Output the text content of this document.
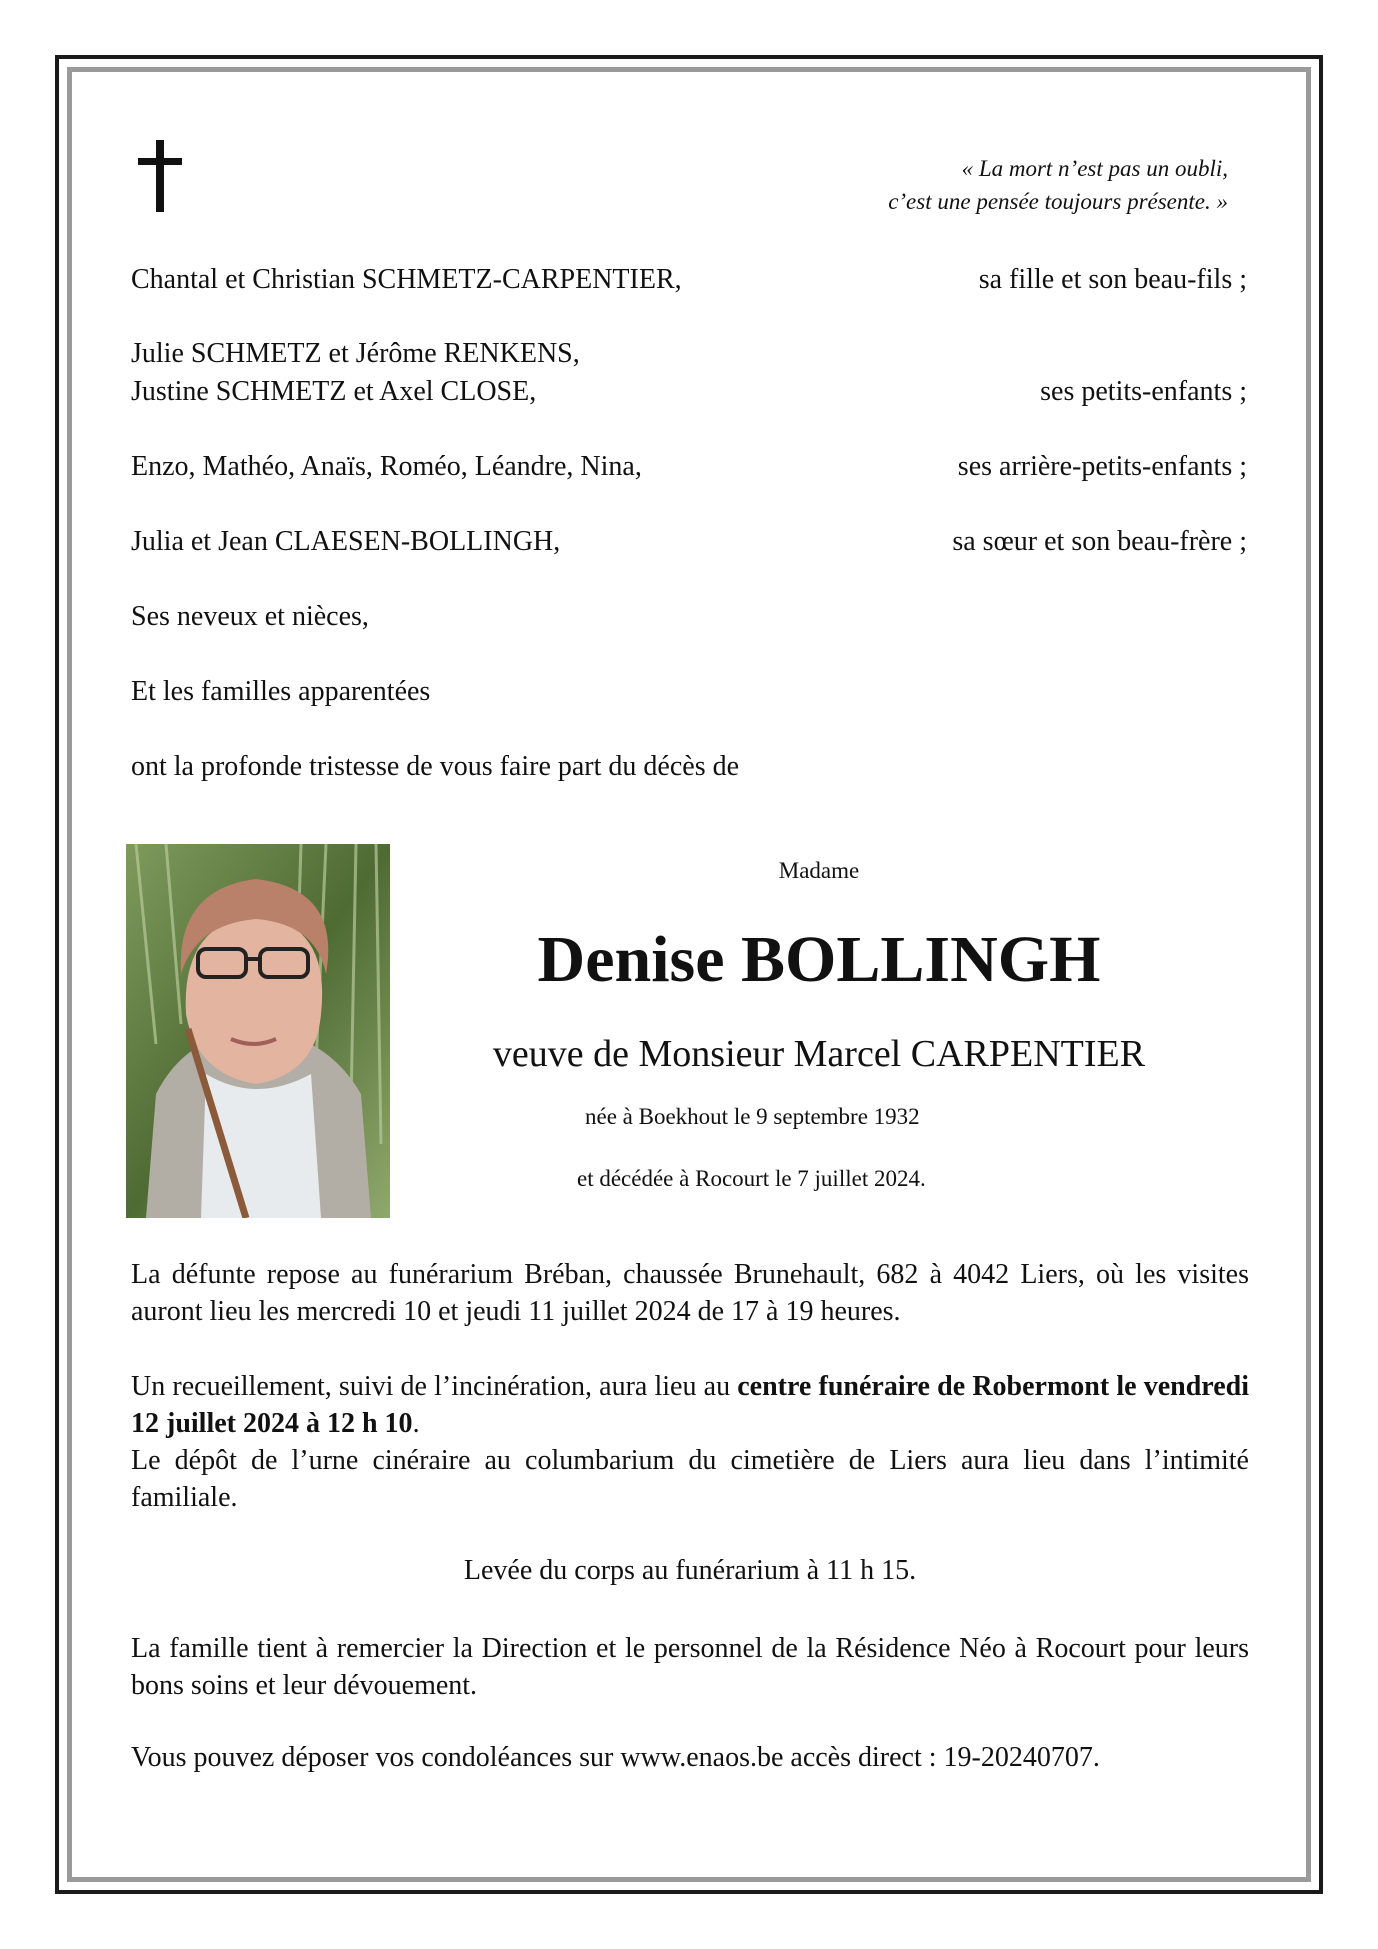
« La mort n’est pas un oubli,
c’est une pensée toujours présente. »
Chantal et Christian SCHMETZ-CARPENTIER,	sa fille et son beau-fils ;
Julie SCHMETZ et Jérôme RENKENS,
Justine SCHMETZ et Axel CLOSE,	ses petits-enfants ;
Enzo, Mathéo, Anaïs, Roméo, Léandre, Nina,	ses arrière-petits-enfants ;
Julia et Jean CLAESEN-BOLLINGH,	sa sœur et son beau-frère ;
Ses neveux et nièces,
Et les familles apparentées
ont la profonde tristesse de vous faire part du décès de
Madame
Denise BOLLINGH
veuve de Monsieur Marcel CARPENTIER
née à Boekhout le 9 septembre 1932
et décédée à Rocourt le 7 juillet 2024.
La défunte repose au funérarium Bréban, chaussée Brunehault, 682 à 4042 Liers, où les visites auront lieu les mercredi 10 et jeudi 11 juillet 2024 de 17 à 19 heures.
Un recueillement, suivi de l’incinération, aura lieu au centre funéraire de Robermont le vendredi 12 juillet 2024 à 12 h 10.
Le dépôt de l’urne cinéraire au columbarium du cimetière de Liers aura lieu dans l’intimité familiale.
Levée du corps au funérarium à 11 h 15.
La famille tient à remercier la Direction et le personnel de la Résidence Néo à Rocourt pour leurs bons soins et leur dévouement.
Vous pouvez déposer vos condoléances sur www.enaos.be accès direct : 19-20240707.
